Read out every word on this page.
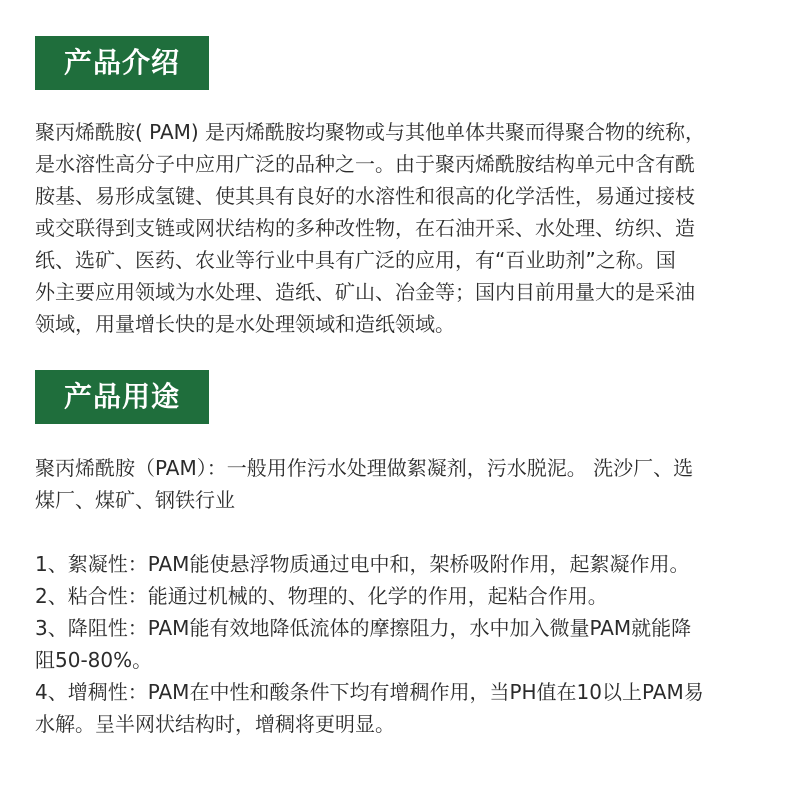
产品介绍
聚丙烯酰胺( PAM) 是丙烯酰胺均聚物或与其他单体共聚而得聚合物的统称，
是水溶性高分子中应用广泛的品种之一。由于聚丙烯酰胺结构单元中含有酰
胺基、易形成氢键、使其具有良好的水溶性和很高的化学活性，易通过接枝
或交联得到支链或网状结构的多种改性物，在石油开采、水处理、纺织、造
纸、选矿、医药、农业等行业中具有广泛的应用，有“百业助剂”之称。国
外主要应用领域为水处理、造纸、矿山、冶金等；国内目前用量大的是采油
领域，用量增长快的是水处理领域和造纸领域。
产品用途
聚丙烯酰胺（PAM）：一般用作污水处理做絮凝剂，污水脱泥。 洗沙厂、选
煤厂、煤矿、钢铁行业
1、絮凝性：PAM能使悬浮物质通过电中和，架桥吸附作用，起絮凝作用。
2、粘合性：能通过机械的、物理的、化学的作用，起粘合作用。
3、降阻性：PAM能有效地降低流体的摩擦阻力，水中加入微量PAM就能降
阻50-80%。
4、增稠性：PAM在中性和酸条件下均有增稠作用，当PH值在10以上PAM易
水解。呈半网状结构时，增稠将更明显。
